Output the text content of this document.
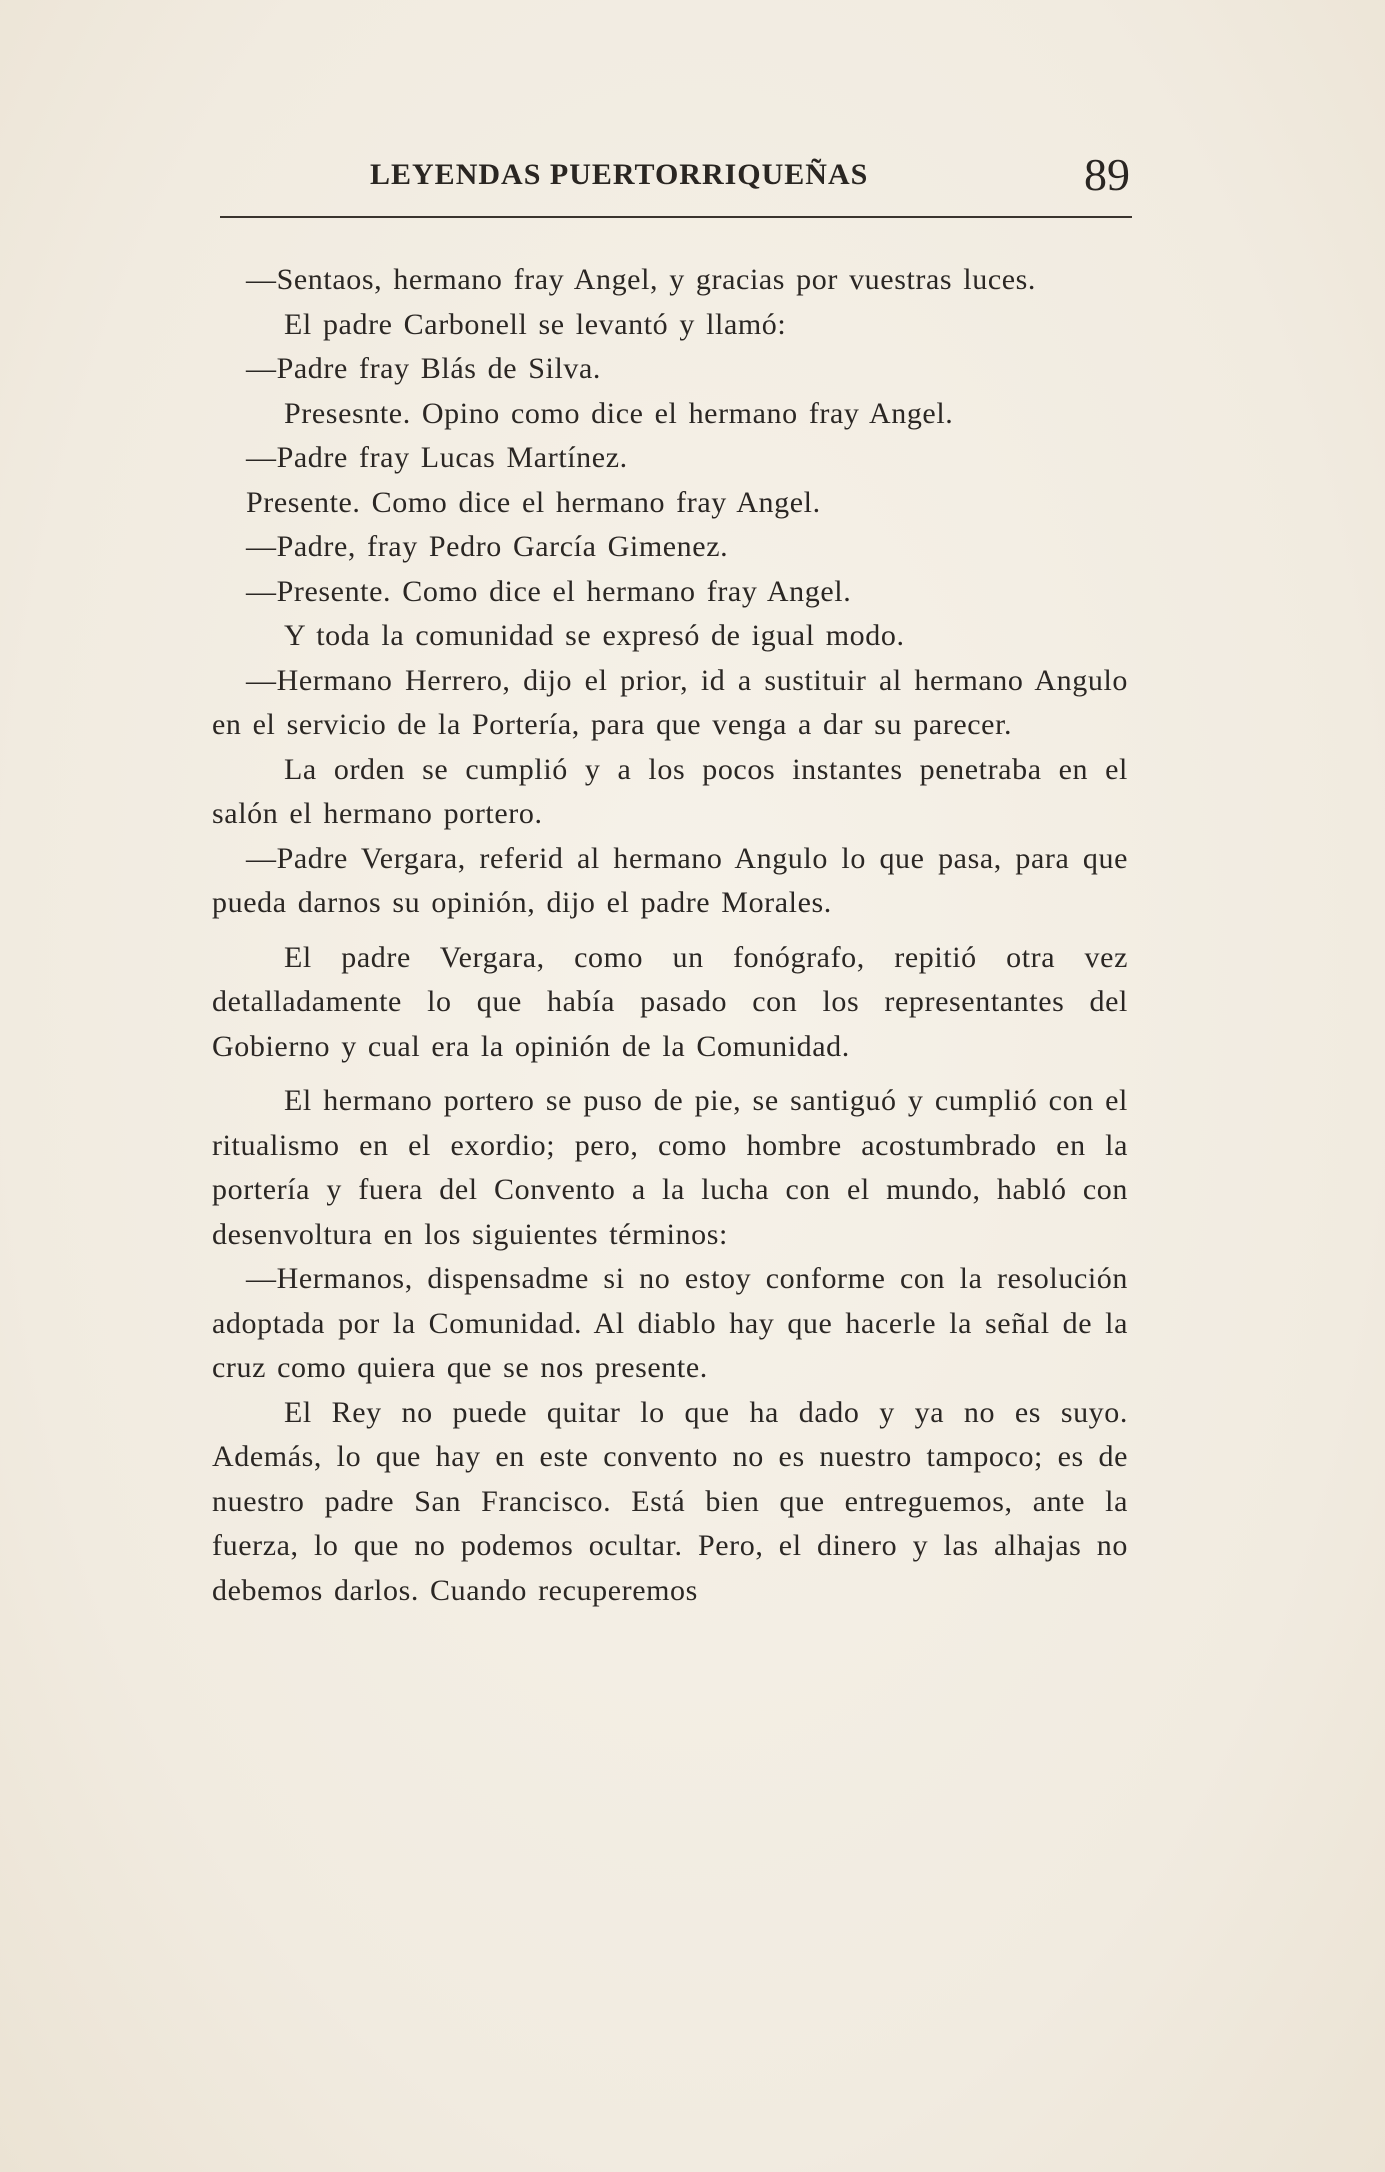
LEYENDAS PUERTORRIQUEÑAS	89

—Sentaos, hermano fray Angel, y gracias por vuestras luces.

El padre Carbonell se levantó y llamó:

—Padre fray Blás de Silva.

Presesnte. Opino como dice el hermano fray Angel.

—Padre fray Lucas Martínez.

Presente. Como dice el hermano fray Angel.

—Padre, fray Pedro García Gimenez.

—Presente. Como dice el hermano fray Angel.

Y toda la comunidad se expresó de igual modo.

—Hermano Herrero, dijo el prior, id a sustituir al hermano Angulo en el servicio de la Portería, para que venga a dar su parecer.

La orden se cumplió y a los pocos instantes penetraba en el salón el hermano portero.

—Padre Vergara, referid al hermano Angulo lo que pasa, para que pueda darnos su opinión, dijo el padre Morales.

El padre Vergara, como un fonógrafo, repitió otra vez detalladamente lo que había pasado con los representantes del Gobierno y cual era la opinión de la Comunidad.

El hermano portero se puso de pie, se santiguó y cumplió con el ritualismo en el exordio; pero, como hombre acostumbrado en la portería y fuera del Convento a la lucha con el mundo, habló con desenvoltura en los siguientes términos:

—Hermanos, dispensadme si no estoy conforme con la resolución adoptada por la Comunidad. Al diablo hay que hacerle la señal de la cruz como quiera que se nos presente.

El Rey no puede quitar lo que ha dado y ya no es suyo. Además, lo que hay en este convento no es nuestro tampoco; es de nuestro padre San Francisco. Está bien que entreguemos, ante la fuerza, lo que no podemos ocultar. Pero, el dinero y las alhajas no debemos darlos. Cuando recuperemos
